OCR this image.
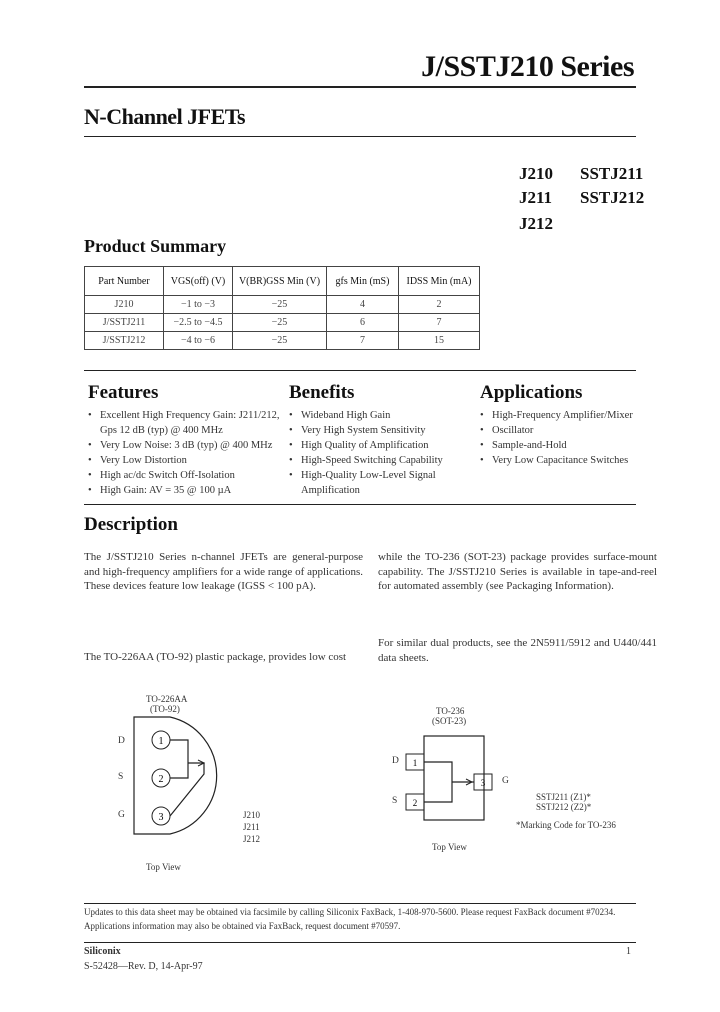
J/SSTJ210 Series
N-Channel JFETs
J210
J211
J212
SSTJ211
SSTJ212
Product Summary
Part Number	VGS(off) (V)	V(BR)GSS Min (V)	gfs Min (mS)	IDSS Min (mA)
J210	−1 to −3	−25	4	2
J/SSTJ211	−2.5 to −4.5	−25	6	7
J/SSTJ212	−4 to −6	−25	7	15
Features
• Excellent High Frequency Gain: J211/212, Gps 12 dB (typ) @ 400 MHz
• Very Low Noise: 3 dB (typ) @ 400 MHz
• Very Low Distortion
• High ac/dc Switch Off-Isolation
• High Gain: AV = 35 @ 100 µA
Benefits
• Wideband High Gain
• Very High System Sensitivity
• High Quality of Amplification
• High-Speed Switching Capability
• High-Quality Low-Level Signal Amplification
Applications
• High-Frequency Amplifier/Mixer
• Oscillator
• Sample-and-Hold
• Very Low Capacitance Switches
Description
The J/SSTJ210 Series n-channel JFETs are general-purpose and high-frequency amplifiers for a wide range of applications. These devices feature low leakage (IGSS < 100 pA).
The TO-226AA (TO-92) plastic package, provides low cost
while the TO-236 (SOT-23) package provides surface-mount capability. The J/SSTJ210 Series is available in tape-and-reel for automated assembly (see Packaging Information).
For similar dual products, see the 2N5911/5912 and U440/441 data sheets.
TO-226AA
(TO-92)
1
2
3
D
S
G	J210
J211
J212
Top View
TO-236
(SOT-23)
1
2
3
D
S
G
SSTJ211 (Z1)*
SSTJ212 (Z2)*
*Marking Code for TO-236
Top View
Updates to this data sheet may be obtained via facsimile by calling Siliconix FaxBack, 1-408-970-5600. Please request FaxBack document #70234.
Applications information may also be obtained via FaxBack, request document #70597.
Siliconix
S-52428—Rev. D, 14-Apr-97
1
